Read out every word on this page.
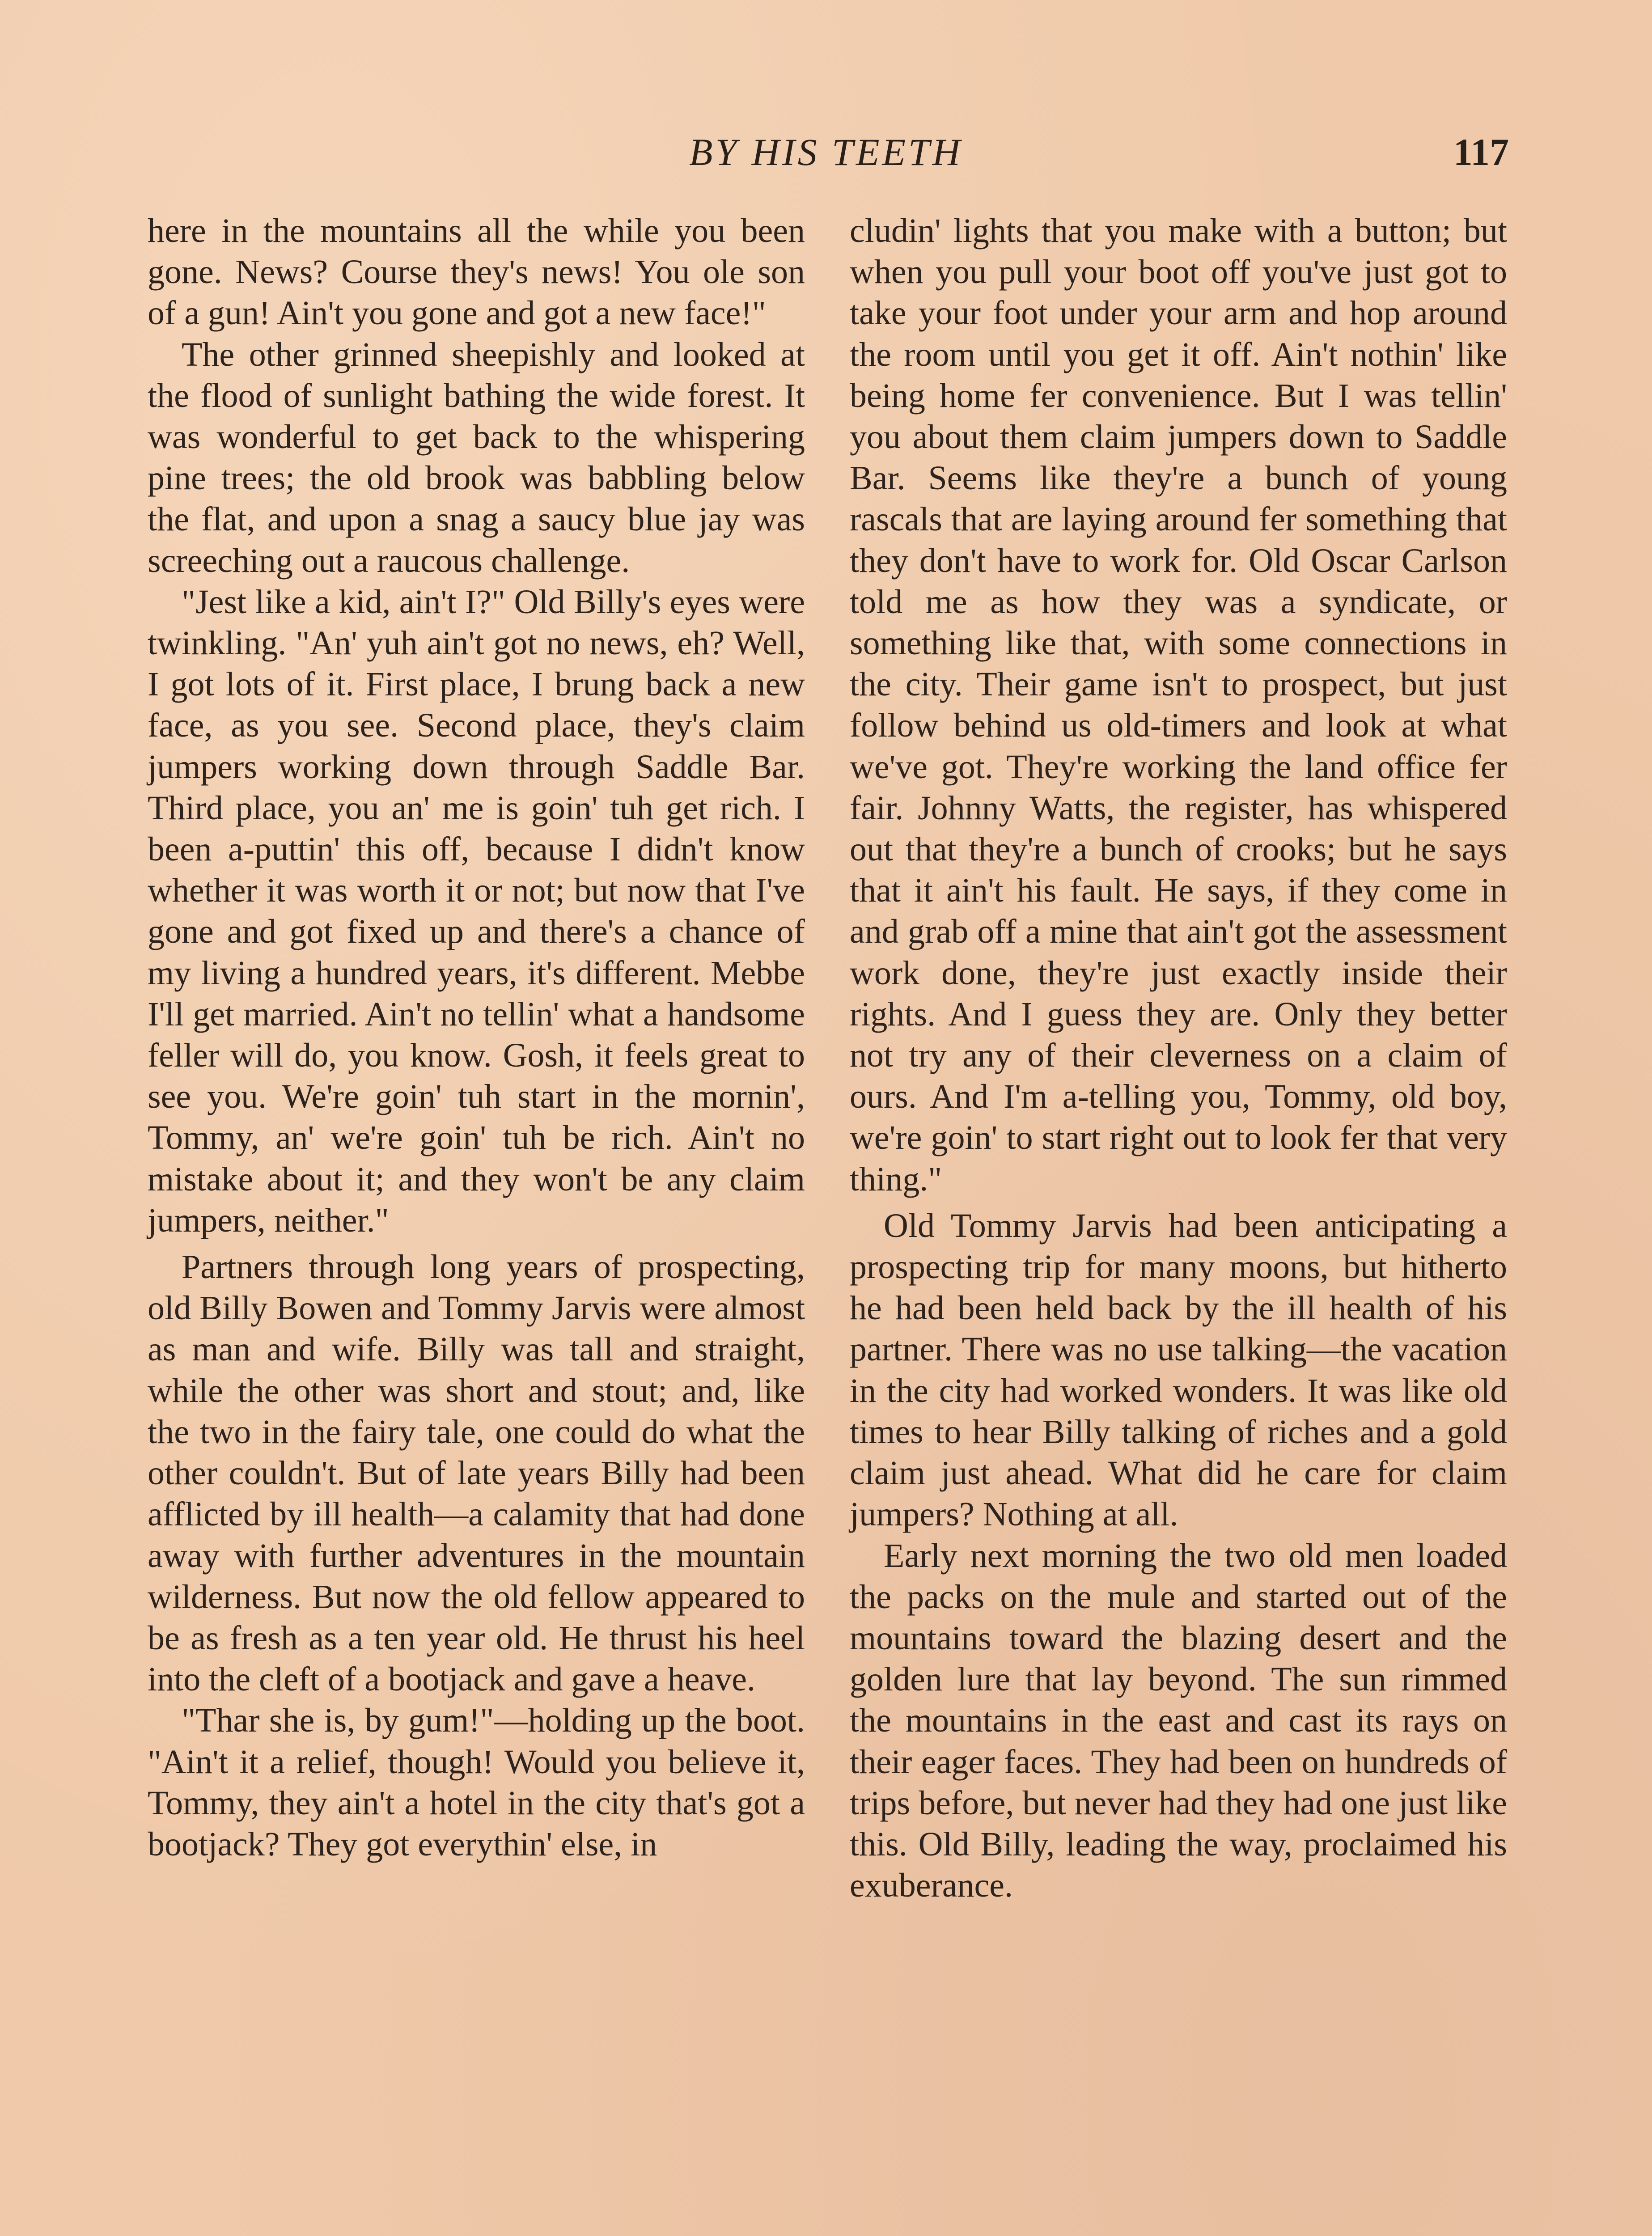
BY HIS TEETH	117

here in the mountains all the while you been gone. News? Course they's news! You ole son of a gun! Ain't you gone and got a new face!"

The other grinned sheepishly and looked at the flood of sunlight bathing the wide forest. It was wonderful to get back to the whispering pine trees; the old brook was babbling below the flat, and upon a snag a saucy blue jay was screeching out a raucous challenge.

"Jest like a kid, ain't I?" Old Billy's eyes were twinkling. "An' yuh ain't got no news, eh? Well, I got lots of it. First place, I brung back a new face, as you see. Second place, they's claim jumpers working down through Saddle Bar. Third place, you an' me is goin' tuh get rich. I been a-puttin' this off, because I didn't know whether it was worth it or not; but now that I've gone and got fixed up and there's a chance of my living a hundred years, it's different. Mebbe I'll get married. Ain't no tellin' what a handsome feller will do, you know. Gosh, it feels great to see you. We're goin' tuh start in the mornin', Tommy, an' we're goin' tuh be rich. Ain't no mistake about it; and they won't be any claim jumpers, neither."

Partners through long years of prospecting, old Billy Bowen and Tommy Jarvis were almost as man and wife. Billy was tall and straight, while the other was short and stout; and, like the two in the fairy tale, one could do what the other couldn't. But of late years Billy had been afflicted by ill health—a calamity that had done away with further adventures in the mountain wilderness. But now the old fellow appeared to be as fresh as a ten year old. He thrust his heel into the cleft of a bootjack and gave a heave.

"Thar she is, by gum!"—holding up the boot. "Ain't it a relief, though! Would you believe it, Tommy, they ain't a hotel in the city that's got a bootjack? They got everythin' else, in

cludin' lights that you make with a button; but when you pull your boot off you've just got to take your foot under your arm and hop around the room until you get it off. Ain't nothin' like being home fer convenience. But I was tellin' you about them claim jumpers down to Saddle Bar. Seems like they're a bunch of young rascals that are laying around fer something that they don't have to work for. Old Oscar Carlson told me as how they was a syndicate, or something like that, with some connections in the city. Their game isn't to prospect, but just follow behind us old-timers and look at what we've got. They're working the land office fer fair. Johnny Watts, the register, has whispered out that they're a bunch of crooks; but he says that it ain't his fault. He says, if they come in and grab off a mine that ain't got the assessment work done, they're just exactly inside their rights. And I guess they are. Only they better not try any of their cleverness on a claim of ours. And I'm a-telling you, Tommy, old boy, we're goin' to start right out to look fer that very thing."

Old Tommy Jarvis had been anticipating a prospecting trip for many moons, but hitherto he had been held back by the ill health of his partner. There was no use talking—the vacation in the city had worked wonders. It was like old times to hear Billy talking of riches and a gold claim just ahead. What did he care for claim jumpers? Nothing at all.

Early next morning the two old men loaded the packs on the mule and started out of the mountains toward the blazing desert and the golden lure that lay beyond. The sun rimmed the mountains in the east and cast its rays on their eager faces. They had been on hundreds of trips before, but never had they had one just like this. Old Billy, leading the way, proclaimed his exuberance.
